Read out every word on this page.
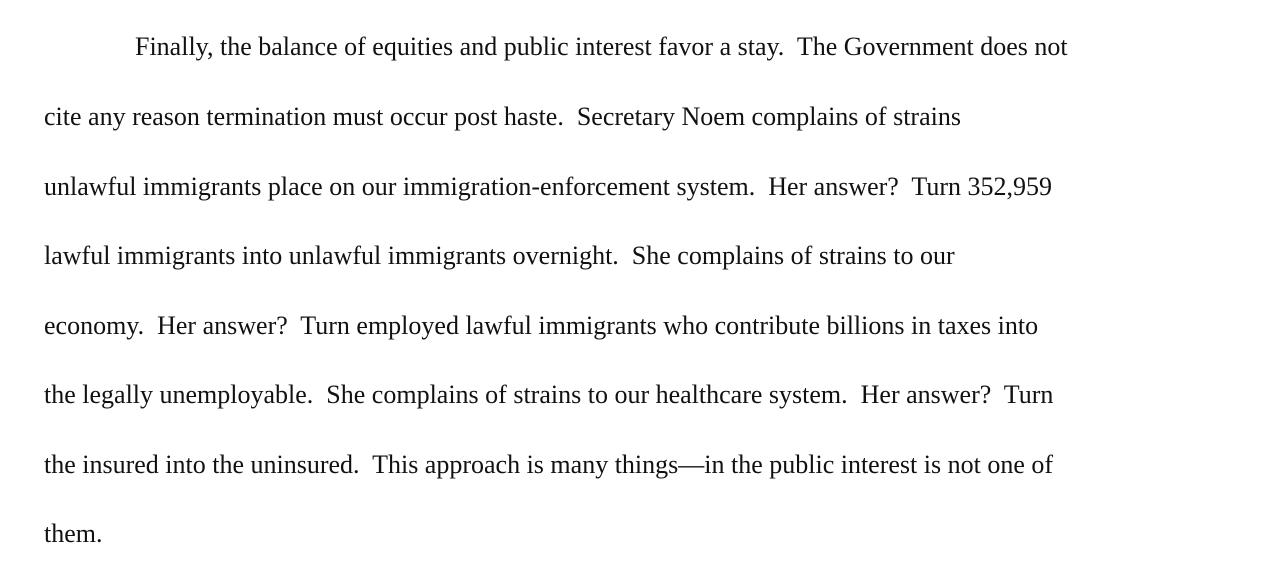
Finally, the balance of equities and public interest favor a stay.  The Government does not

cite any reason termination must occur post haste.  Secretary Noem complains of strains

unlawful immigrants place on our immigration-enforcement system.  Her answer?  Turn 352,959

lawful immigrants into unlawful immigrants overnight.  She complains of strains to our

economy.  Her answer?  Turn employed lawful immigrants who contribute billions in taxes into

the legally unemployable.  She complains of strains to our healthcare system.  Her answer?  Turn

the insured into the uninsured.  This approach is many things—in the public interest is not one of

them.
